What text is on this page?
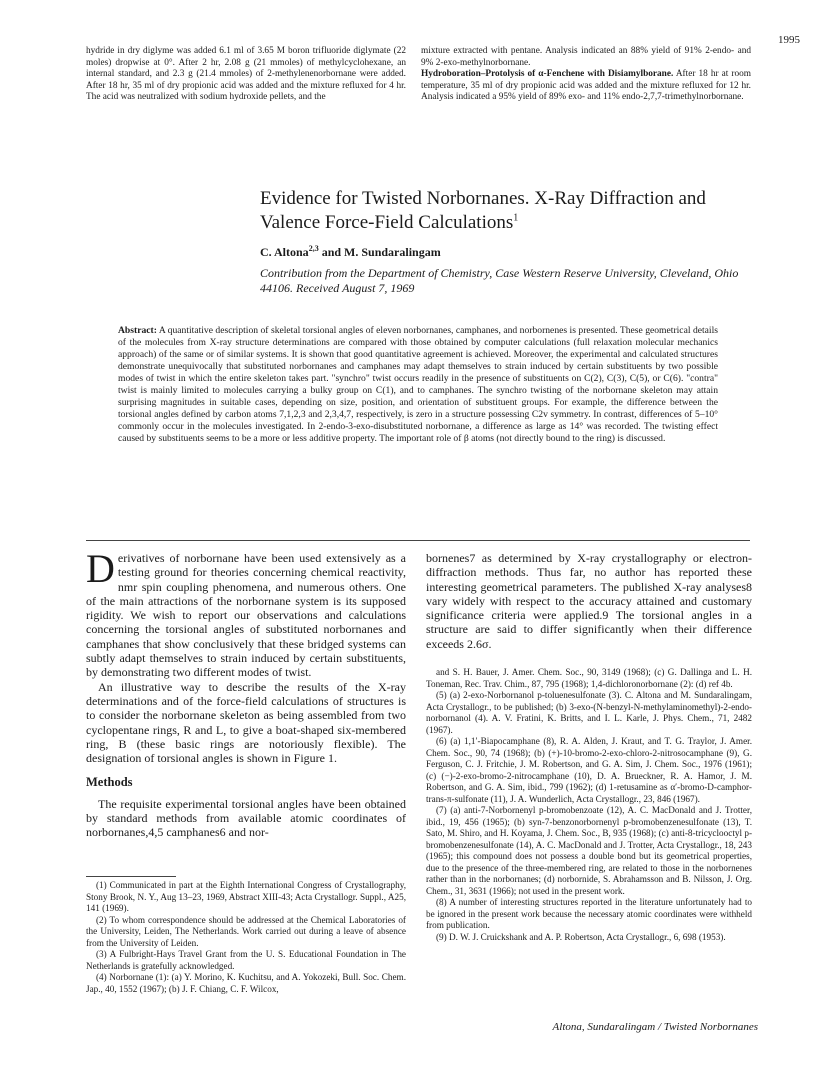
1995

hydride in dry diglyme was added 6.1 ml of 3.65 M boron trifluoride diglymate (22 moles) dropwise at 0°. After 2 hr, 2.08 g (21 mmoles) of methylcyclohexane, an internal standard, and 2.3 g (21.4 mmoles) of 2-methylenenorbornane were added. After 18 hr, 35 ml of dry propionic acid was added and the mixture refluxed for 4 hr. The acid was neutralized with sodium hydroxide pellets, and the

mixture extracted with pentane. Analysis indicated an 88% yield of 91% 2-endo- and 9% 2-exo-methylnorbornane.

Hydroboration–Protolysis of α-Fenchene with Disiamylborane. After 18 hr at room temperature, 35 ml of dry propionic acid was added and the mixture refluxed for 12 hr. Analysis indicated a 95% yield of 89% exo- and 11% endo-2,7,7-trimethylnorbornane.

Evidence for Twisted Norbornanes. X-Ray Diffraction and Valence Force-Field Calculations$^1$
C. Altona$^{2,3}$ and M. Sundaralingam
Contribution from the Department of Chemistry, Case Western Reserve University, Cleveland, Ohio 44106. Received August 7, 1969

Abstract: A quantitative description of skeletal torsional angles of eleven norbornanes, camphanes, and norbornenes is presented. These geometrical details of the molecules from X-ray structure determinations are compared with those obtained by computer calculations (full relaxation molecular mechanics approach) of the same or of similar systems. It is shown that good quantitative agreement is achieved. Moreover, the experimental and calculated structures demonstrate unequivocally that substituted norbornanes and camphanes may adapt themselves to strain induced by certain substituents by two possible modes of twist in which the entire skeleton takes part. "synchro" twist occurs readily in the presence of substituents on C(2), C(3), C(5), or C(6). "contra" twist is mainly limited to molecules carrying a bulky group on C(1), and to camphanes. The synchro twisting of the norbornane skeleton may attain surprising magnitudes in suitable cases, depending on size, position, and orientation of substituent groups. For example, the difference between the torsional angles defined by carbon atoms 7,1,2,3 and 2,3,4,7, respectively, is zero in a structure possessing C2v symmetry. In contrast, differences of 5–10° commonly occur in the molecules investigated. In 2-endo-3-exo-disubstituted norbornane, a difference as large as 14° was recorded. The twisting effect caused by substituents seems to be a more or less additive property. The important role of β atoms (not directly bound to the ring) is discussed.

Derivatives of norbornane have been used extensively as a testing ground for theories concerning chemical reactivity, nmr spin coupling phenomena, and numerous others. One of the main attractions of the norbornane system is its supposed rigidity. We wish to report our observations and calculations concerning the torsional angles of substituted norbornanes and camphanes that show conclusively that these bridged systems can subtly adapt themselves to strain induced by certain substituents, by demonstrating two different modes of twist.

An illustrative way to describe the results of the X-ray determinations and of the force-field calculations of structures is to consider the norbornane skeleton as being assembled from two cyclopentane rings, R and L, to give a boat-shaped six-membered ring, B (these basic rings are notoriously flexible). The designation of torsional angles is shown in Figure 1.

Methods

The requisite experimental torsional angles have been obtained by standard methods from available atomic coordinates of norbornanes,4,5 camphanes6 and nor-

(1) Communicated in part at the Eighth International Congress of Crystallography, Stony Brook, N. Y., Aug 13–23, 1969, Abstract XIII-43; Acta Crystallogr. Suppl., A25, 141 (1969).

(2) To whom correspondence should be addressed at the Chemical Laboratories of the University, Leiden, The Netherlands. Work carried out during a leave of absence from the University of Leiden.

(3) A Fulbright-Hays Travel Grant from the U. S. Educational Foundation in The Netherlands is gratefully acknowledged.

(4) Norbornane (1): (a) Y. Morino, K. Kuchitsu, and A. Yokozeki, Bull. Soc. Chem. Jap., 40, 1552 (1967); (b) J. F. Chiang, C. F. Wilcox,

bornenes7 as determined by X-ray crystallography or electron-diffraction methods. Thus far, no author has reported these interesting geometrical parameters. The published X-ray analyses8 vary widely with respect to the accuracy attained and customary significance criteria were applied.9 The torsional angles in a structure are said to differ significantly when their difference exceeds 2.6σ.

and S. H. Bauer, J. Amer. Chem. Soc., 90, 3149 (1968); (c) G. Dallinga and L. H. Toneman, Rec. Trav. Chim., 87, 795 (1968); 1,4-dichloronorbornane (2): (d) ref 4b.

(5) (a) 2-exo-Norbornanol p-toluenesulfonate (3). C. Altona and M. Sundaralingam, Acta Crystallogr., to be published; (b) 3-exo-(N-benzyl-N-methylaminomethyl)-2-endo-norbornanol (4). A. V. Fratini, K. Britts, and I. L. Karle, J. Phys. Chem., 71, 2482 (1967).

(6) (a) 1,1′-Biapocamphane (8), R. A. Alden, J. Kraut, and T. G. Traylor, J. Amer. Chem. Soc., 90, 74 (1968); (b) (+)-10-bromo-2-exo-chloro-2-nitrosocamphane (9), G. Ferguson, C. J. Fritchie, J. M. Robertson, and G. A. Sim, J. Chem. Soc., 1976 (1961); (c) (−)-2-exo-bromo-2-nitrocamphane (10), D. A. Brueckner, R. A. Hamor, J. M. Robertson, and G. A. Sim, ibid., 799 (1962); (d) 1-retusamine as α′-bromo-D-camphor-trans-π-sulfonate (11), J. A. Wunderlich, Acta Crystallogr., 23, 846 (1967).

(7) (a) anti-7-Norbornenyl p-bromobenzoate (12), A. C. MacDonald and J. Trotter, ibid., 19, 456 (1965); (b) syn-7-benzonorbornenyl p-bromobenzenesulfonate (13), T. Sato, M. Shiro, and H. Koyama, J. Chem. Soc., B, 935 (1968); (c) anti-8-tricyclooctyl p-bromobenzenesulfonate (14), A. C. MacDonald and J. Trotter, Acta Crystallogr., 18, 243 (1965); this compound does not possess a double bond but its geometrical properties, due to the presence of the three-membered ring, are related to those in the norbornenes rather than in the norbornanes; (d) norbornide, S. Abrahamsson and B. Nilsson, J. Org. Chem., 31, 3631 (1966); not used in the present work.

(8) A number of interesting structures reported in the literature unfortunately had to be ignored in the present work because the necessary atomic coordinates were withheld from publication.

(9) D. W. J. Cruickshank and A. P. Robertson, Acta Crystallogr., 6, 698 (1953).

Altona, Sundaralingam / Twisted Norbornanes
